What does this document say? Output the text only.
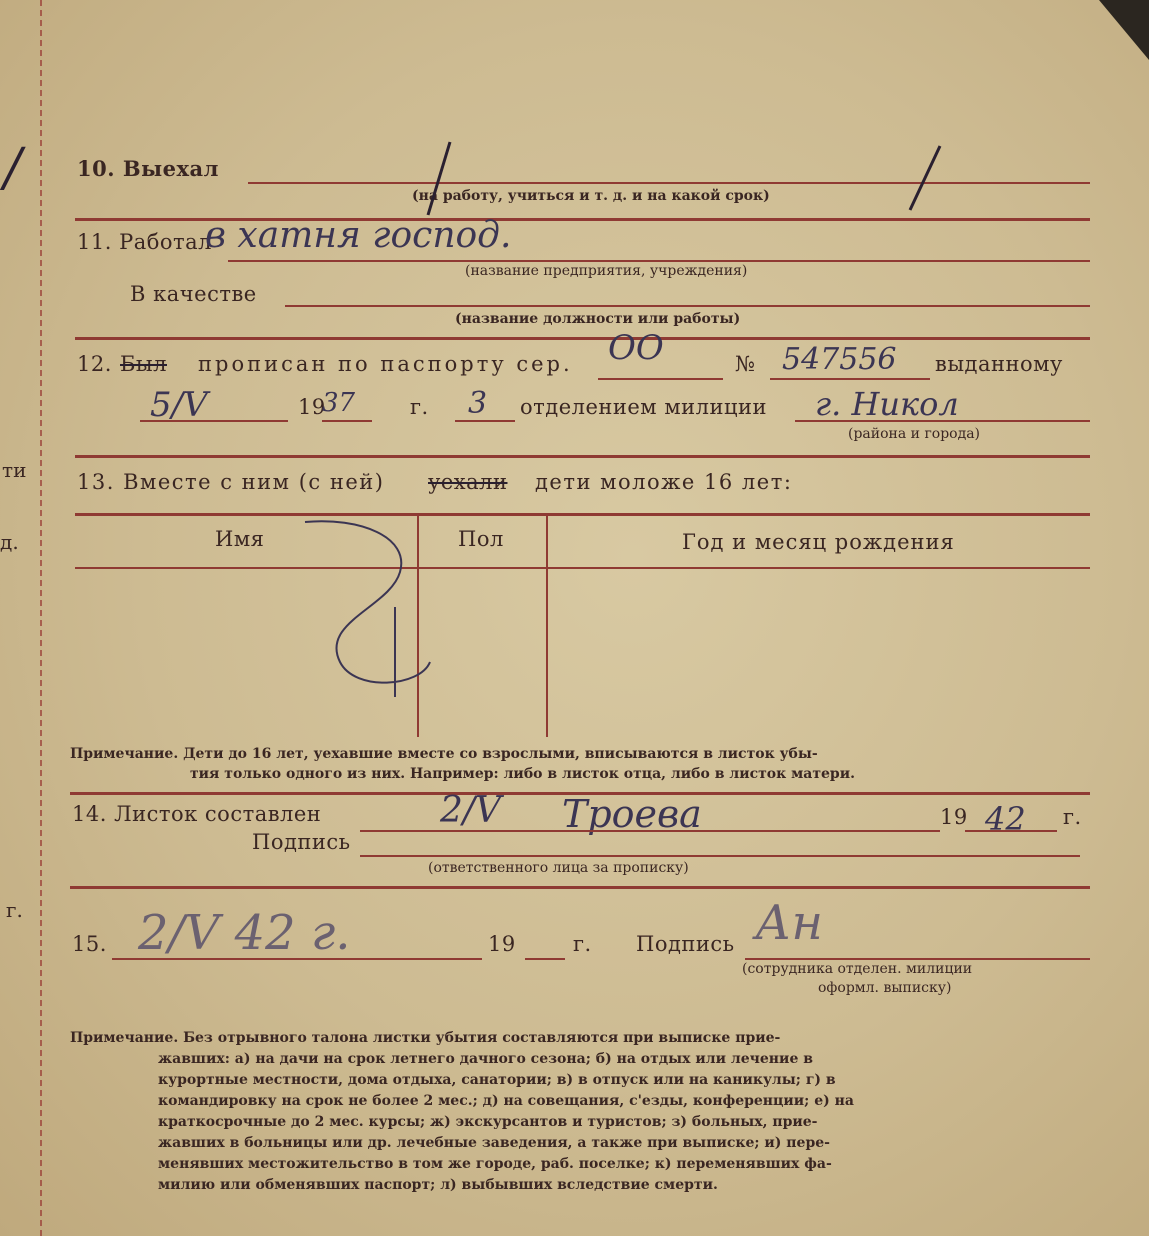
/
ти
д.
г.
10. Выехал
(на работу, учиться и т. д. и на какой срок)
11. Работал
в хатня господ.
(название предприятия, учреждения)
В качестве
(название должности или работы)
12. Был прописан по паспорту сер. OO	№ 547556 выданному
5/V	19
37	г. 3 отделением милиции г. Никол
(района и города)
13. Вместе с ним (с ней) уехали дети моложе 16 лет:
Имя	Пол	Год и месяц рождения
Примечание. Дети до 16 лет, уехавшие вместе со взрослыми, вписываются в листок убы-
тия только одного из них. Например: либо в листок отца, либо в листок матери.
14. Листок составлен	2/V Троева	19 42 г.
Подпись
(ответственного лица за прописку)
15. 2/V 42 г.	19	г. Подпись Ан
(сотрудника отделен. милиции
оформл. выписку)
Примечание. Без отрывного талона листки убытия составляются при выписке прие-
жавших: а) на дачи на срок летнего дачного сезона; б) на отдых или лечение в
курортные местности, дома отдыха, санатории; в) в отпуск или на каникулы; г) в
командировку на срок не более 2 мес.; д) на совещания, с'езды, конференции; е) на
краткосрочные до 2 мес. курсы; ж) экскурсантов и туристов; з) больных, прие-
жавших в больницы или др. лечебные заведения, а также при выписке; и) пере-
менявших местожительство в том же городе, раб. поселке; к) переменявших фа-
милию или обменявших паспорт; л) выбывших вследствие смерти.
